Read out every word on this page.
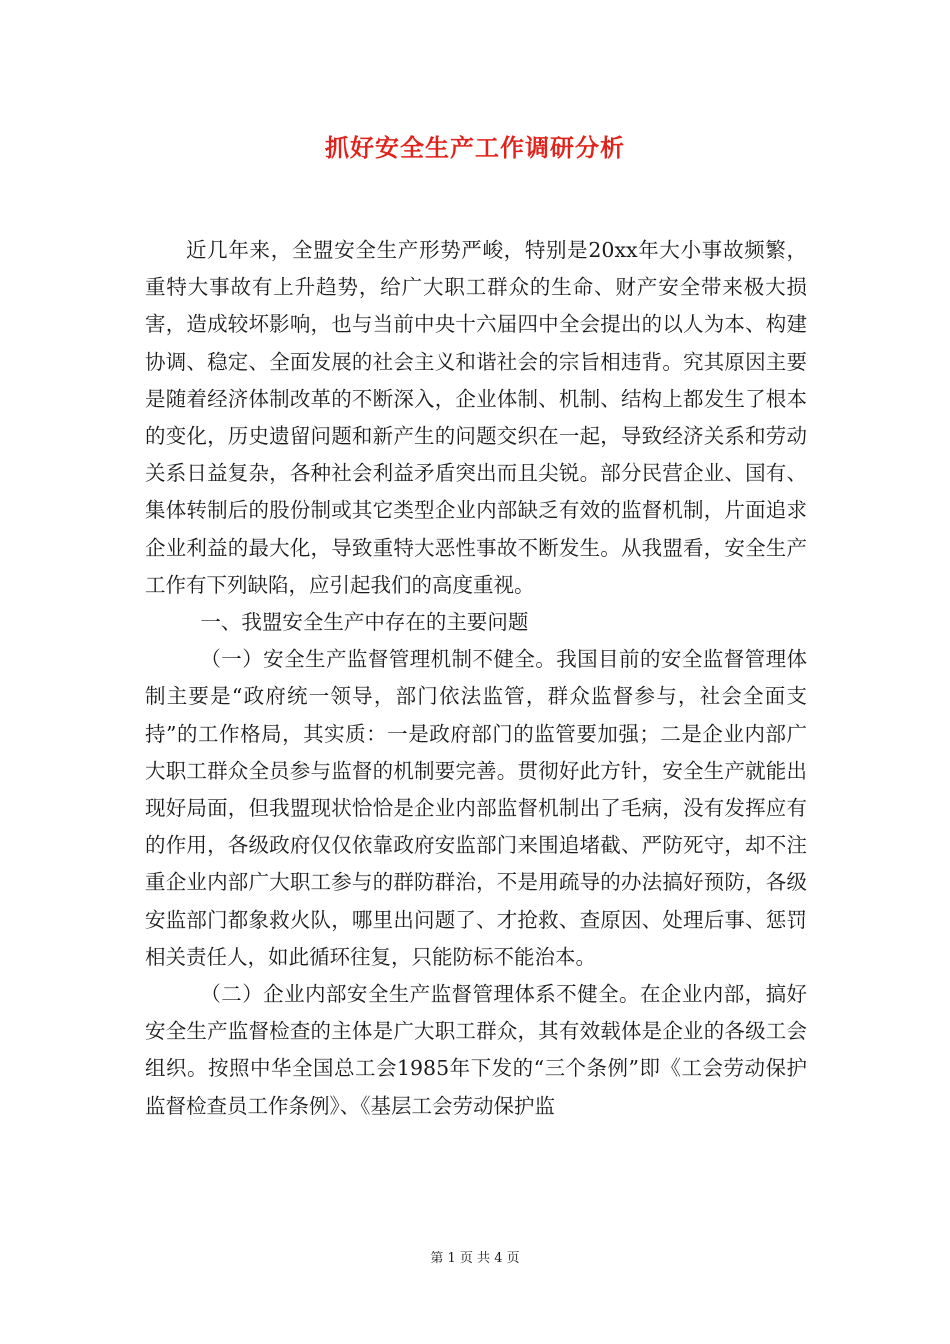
抓好安全生产工作调研分析

近几年来，全盟安全生产形势严峻，特别是20xx年大小事故频繁，重特大事故有上升趋势，给广大职工群众的生命、财产安全带来极大损害，造成较坏影响，也与当前中央十六届四中全会提出的以人为本、构建协调、稳定、全面发展的社会主义和谐社会的宗旨相违背。究其原因主要是随着经济体制改革的不断深入，企业体制、机制、结构上都发生了根本的变化，历史遗留问题和新产生的问题交织在一起，导致经济关系和劳动关系日益复杂，各种社会利益矛盾突出而且尖锐。部分民营企业、国有、集体转制后的股份制或其它类型企业内部缺乏有效的监督机制，片面追求企业利益的最大化，导致重特大恶性事故不断发生。从我盟看，安全生产工作有下列缺陷，应引起我们的高度重视。

一、我盟安全生产中存在的主要问题

（一）安全生产监督管理机制不健全。我国目前的安全监督管理体制主要是“政府统一领导，部门依法监管，群众监督参与，社会全面支持”的工作格局，其实质：一是政府部门的监管要加强；二是企业内部广大职工群众全员参与监督的机制要完善。贯彻好此方针，安全生产就能出现好局面，但我盟现状恰恰是企业内部监督机制出了毛病，没有发挥应有的作用，各级政府仅仅依靠政府安监部门来围追堵截、严防死守，却不注重企业内部广大职工参与的群防群治，不是用疏导的办法搞好预防，各级安监部门都象救火队，哪里出问题了、才抢救、查原因、处理后事、惩罚相关责任人，如此循环往复，只能防标不能治本。

（二）企业内部安全生产监督管理体系不健全。在企业内部，搞好安全生产监督检查的主体是广大职工群众，其有效载体是企业的各级工会组织。按照中华全国总工会1985年下发的“三个条例”即《工会劳动保护监督检查员工作条例》、《基层工会劳动保护监

第 1 页 共 4 页
